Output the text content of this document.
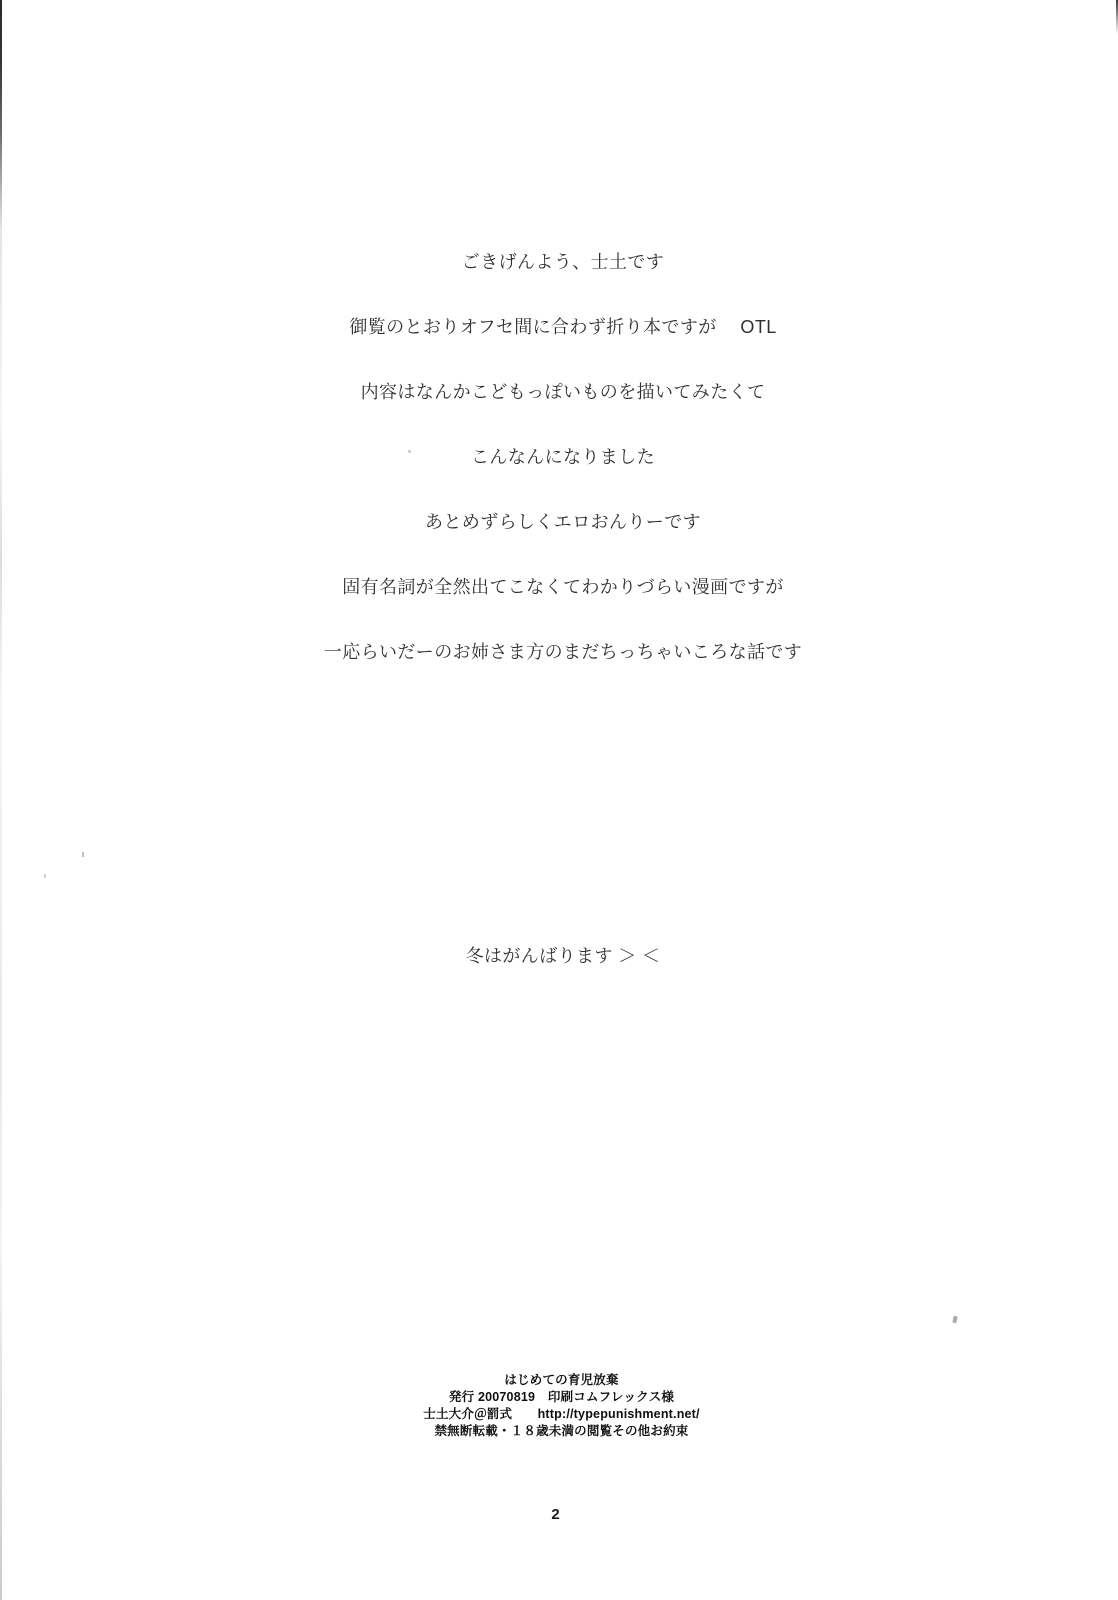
ごきげんよう、士土です
御覧のとおりオフセ間に合わず折り本ですが　 OTL
内容はなんかこどもっぽいものを描いてみたくて
こんなんになりました
あとめずらしくエロおんりーです
固有名詞が全然出てこなくてわかりづらい漫画ですが
一応らいだーのお姉さま方のまだちっちゃいころな話です
冬はがんばります ＞ ＜
はじめての育児放棄
発行 20070819　印刷コムフレックス様
士土大介＠罰式　　http://typepunishment.net/
禁無断転載・１８歳未満の閲覧その他お約束
2
